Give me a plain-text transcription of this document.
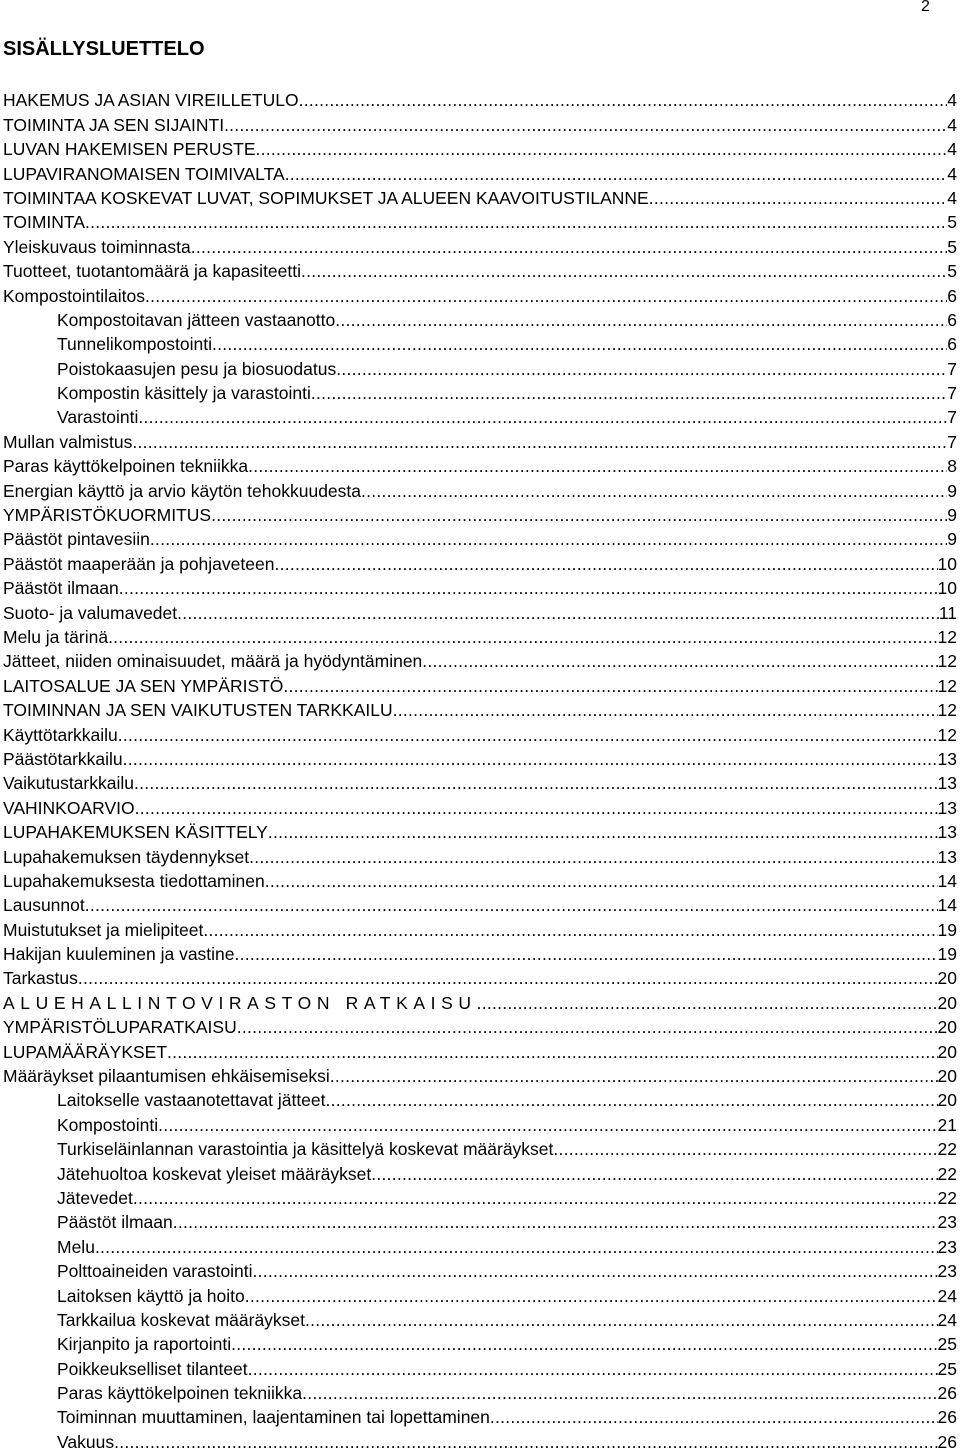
2
SISÄLLYSLUETTELO
HAKEMUS JA ASIAN VIREILLETULO . . .	4
TOIMINTA JA SEN SIJAINTI . . .	4
LUVAN HAKEMISEN PERUSTE . . .	4
LUPAVIRANOMAISEN TOIMIVALTA . . .	4
TOIMINTAA KOSKEVAT LUVAT, SOPIMUKSET JA ALUEEN KAAVOITUSTILANNE . . .	4
TOIMINTA . . .	5
Yleiskuvaus toiminnasta . . .	5
Tuotteet, tuotantomäärä ja kapasiteetti . . .	5
Kompostointilaitos . . .	6
Kompostoitavan jätteen vastaanotto . . .	6
Tunnelikompostointi . . .	6
Poistokaasujen pesu ja biosuodatus . . .	7
Kompostin käsittely ja varastointi . . .	7
Varastointi . . .	7
Mullan valmistus . . .	7
Paras käyttökelpoinen tekniikka . . .	8
Energian käyttö ja arvio käytön tehokkuudesta . . .	9
YMPÄRISTÖKUORMITUS . . .	9
Päästöt pintavesiin . . .	9
Päästöt maaperään ja pohjaveteen . . .	10
Päästöt ilmaan . . .	10
Suoto- ja valumavedet . . .	11
Melu ja tärinä . . .	12
Jätteet, niiden ominaisuudet, määrä ja hyödyntäminen . . .	12
LAITOSALUE JA SEN YMPÄRISTÖ . . .	12
TOIMINNAN JA SEN VAIKUTUSTEN TARKKAILU . . .	12
Käyttötarkkailu . . .	12
Päästötarkkailu . . .	13
Vaikutustarkkailu . . .	13
VAHINKOARVIO . . .	13
LUPAHAKEMUKSEN KÄSITTELY . . .	13
Lupahakemuksen täydennykset . . .	13
Lupahakemuksesta tiedottaminen . . .	14
Lausunnot . . .	14
Muistutukset ja mielipiteet . . .	19
Hakijan kuuleminen ja vastine . . .	19
Tarkastus . . .	20
ALUEHALLINTOVIRASTON RATKAISU . . .	20
YMPÄRISTÖLUPARATKAISU . . .	20
LUPAMÄÄRÄYKSET . . .	20
Määräykset pilaantumisen ehkäisemiseksi . . .	20
Laitokselle vastaanotettavat jätteet . . .	20
Kompostointi . . .	21
Turkiseläinlannan varastointia ja käsittelyä koskevat määräykset . . .	22
Jätehuoltoa koskevat yleiset määräykset . . .	22
Jätevedet . . .	22
Päästöt ilmaan . . .	23
Melu . . .	23
Polttoaineiden varastointi . . .	23
Laitoksen käyttö ja hoito . . .	24
Tarkkailua koskevat määräykset . . .	24
Kirjanpito ja raportointi . . .	25
Poikkeukselliset tilanteet . . .	25
Paras käyttökelpoinen tekniikka . . .	26
Toiminnan muuttaminen, laajentaminen tai lopettaminen . . .	26
Vakuus . . .	26
